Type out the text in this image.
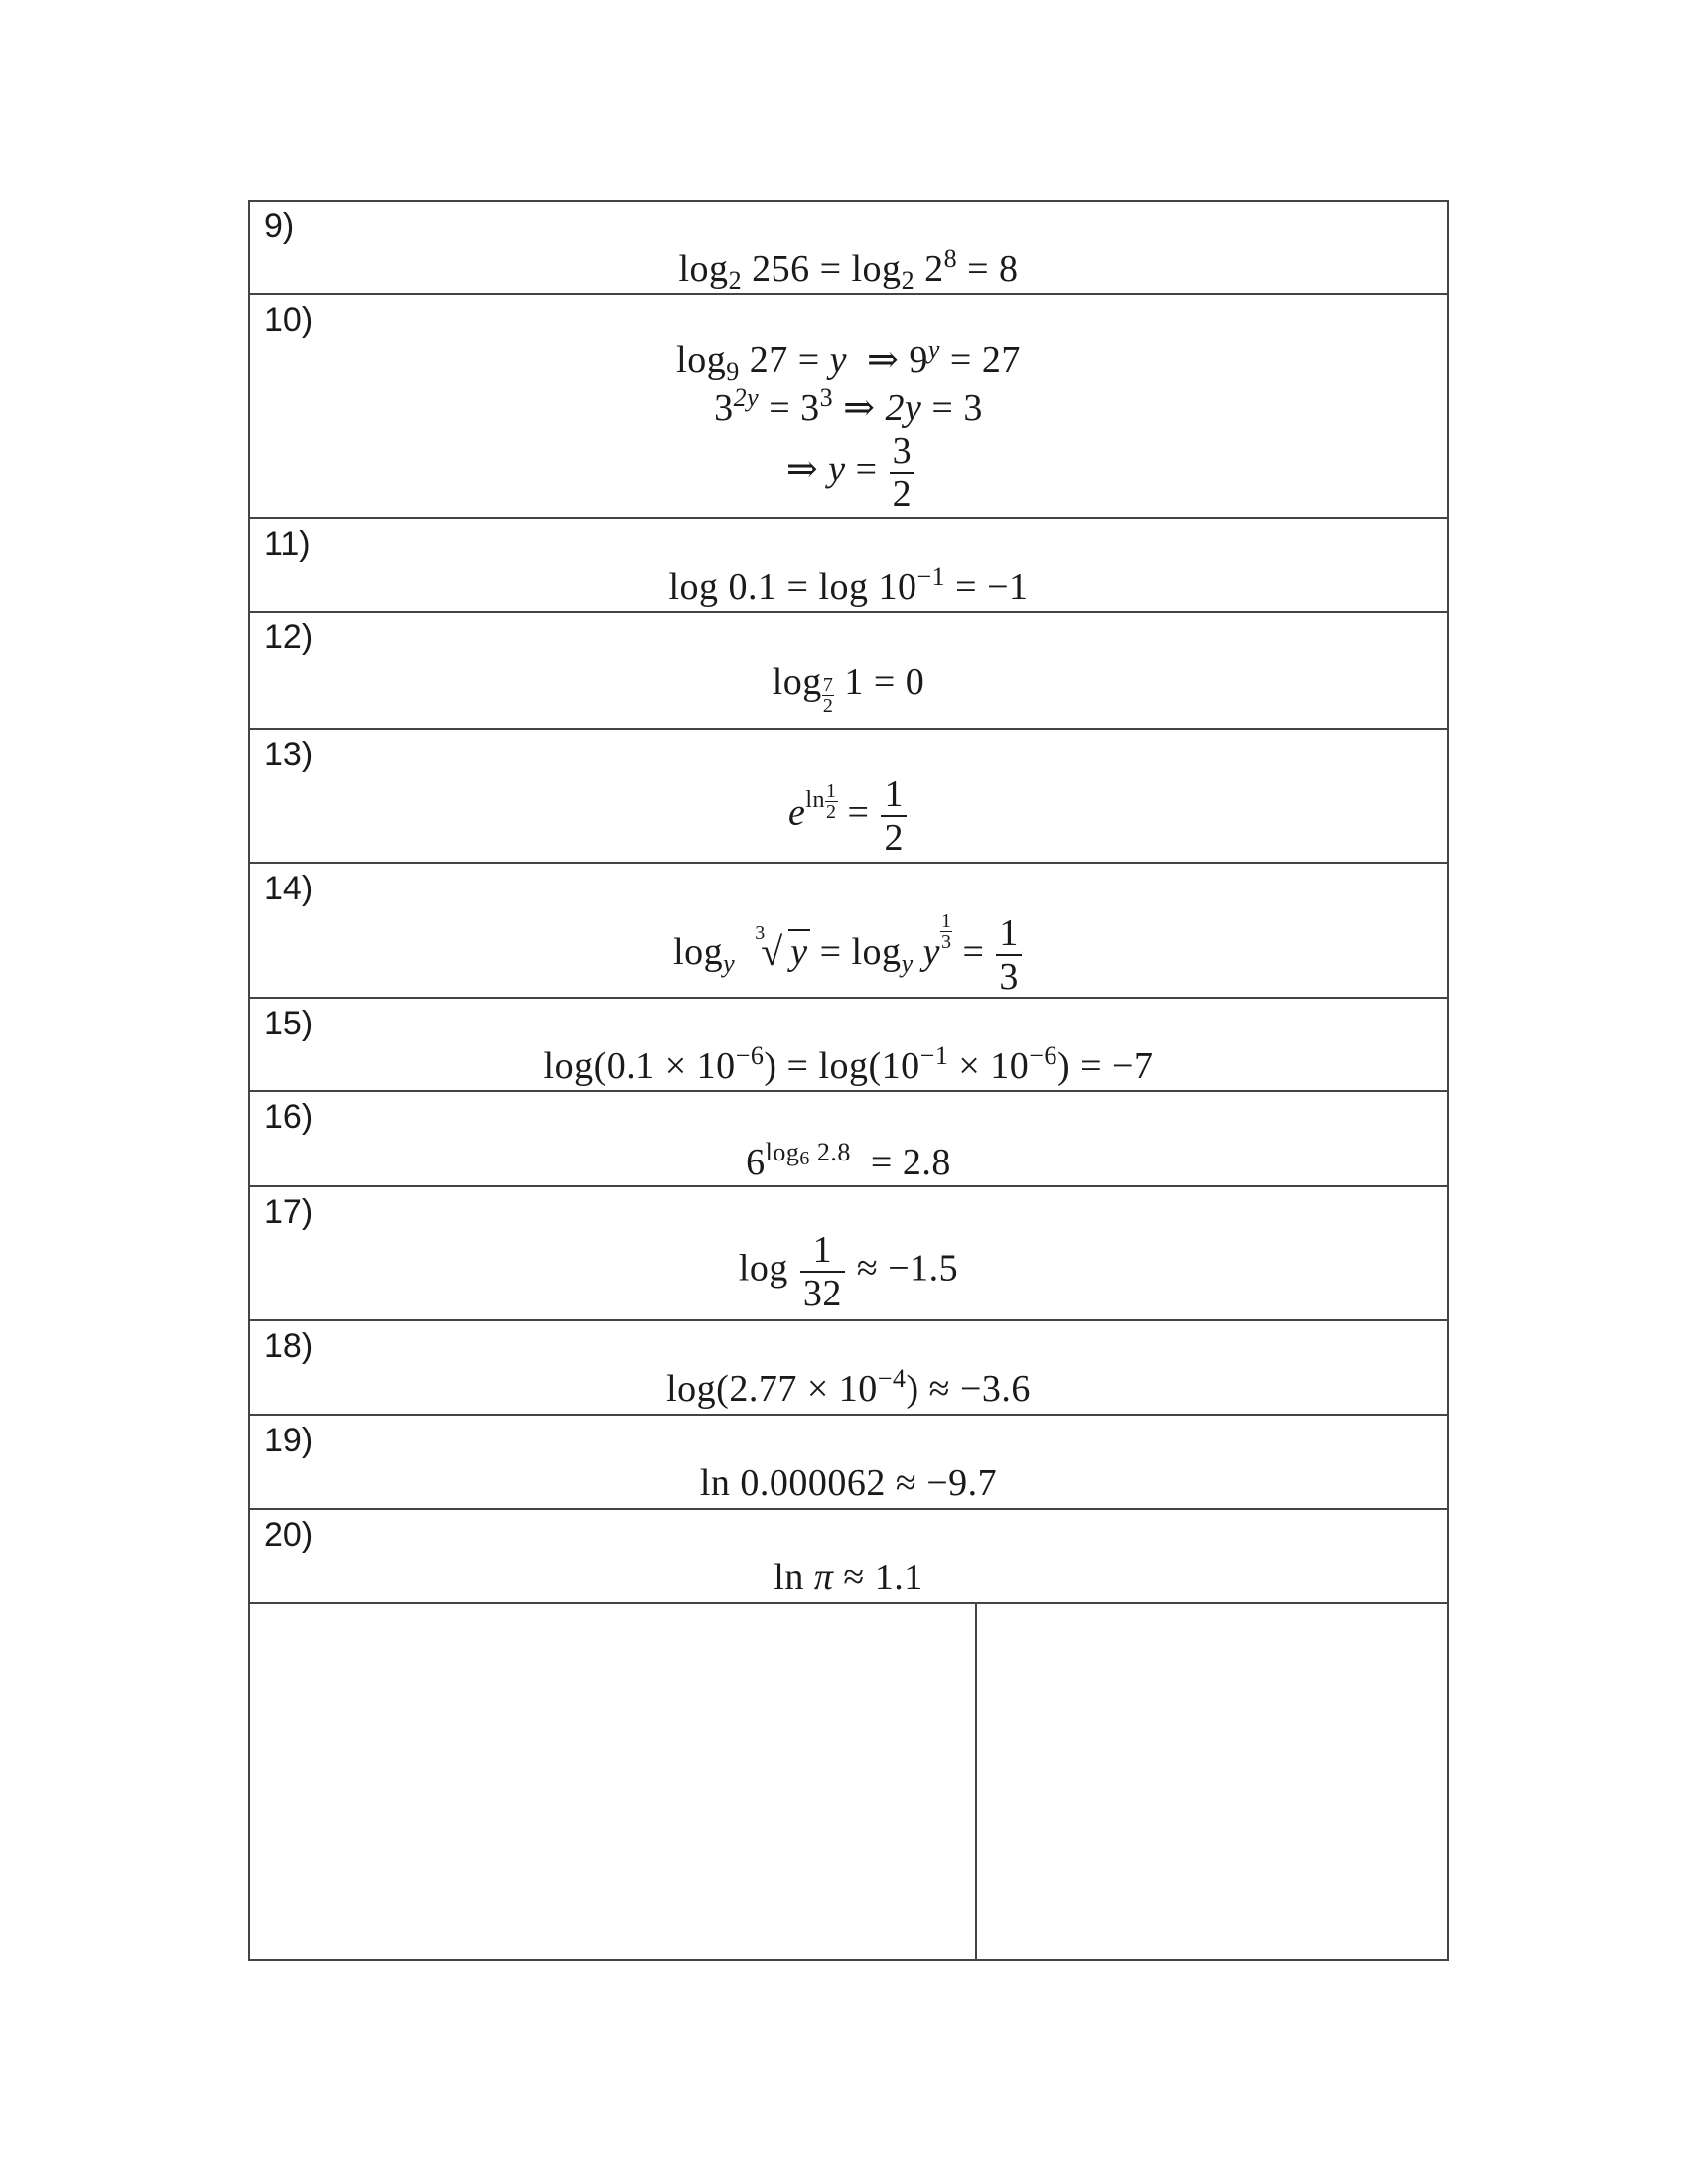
9)
$\log_2 256 = \log_2 2^8 = 8$
10)
$\log_9 27 = y$ ⇒ $9^y = 27$
$3^{2y} = 3^3$ ⇒ 2y = 3
⇒ $y = \frac{3}{2}$
11)
$\log 0.1 = \log 10^{-1} = -1$
12)
$\log \frac{7}{2} 1 = 0$
13)
$e^{ln \frac{1}{2}} = \frac{1}{2}$
14)
$\log_y$
3
√ $y = \log_y y \frac{1}{3} = \frac{1}{3}$
15)
$\log(0.1 \times 10^{-6}) = \log(10^{-1} \times 10^{-6}) = -7$
16)
$6^{log_6 2.8} = 2.8$
17)
$\log \frac{1}{32} \approx -1.5$
18)
$\log(2.77 \times 10^{-4}) \approx -3.6$
19)
ln 0.000062 ≈ −9.7
20)
ln π ≈ 1.1
